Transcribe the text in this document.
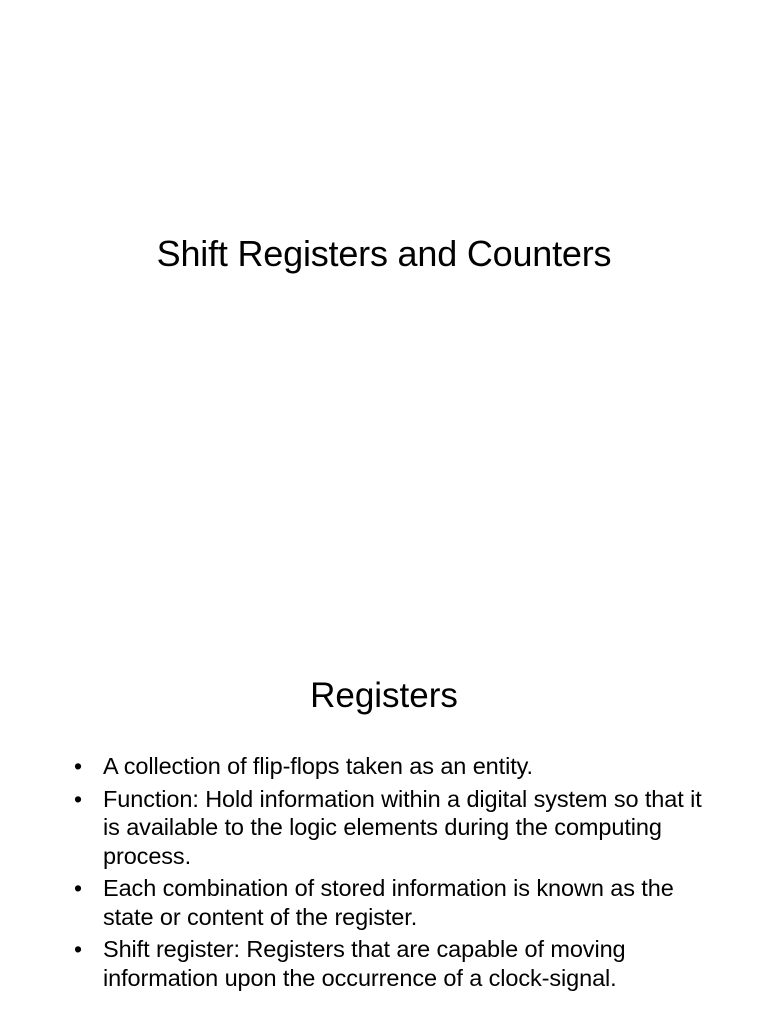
Shift Registers and Counters
Registers
• A collection of flip-flops taken as an entity.
• Function: Hold information within a digital system so that it is available to the logic elements during the computing process.
• Each combination of stored information is known as the state or content of the register.
• Shift register: Registers that are capable of moving information upon the occurrence of a clock-signal.
